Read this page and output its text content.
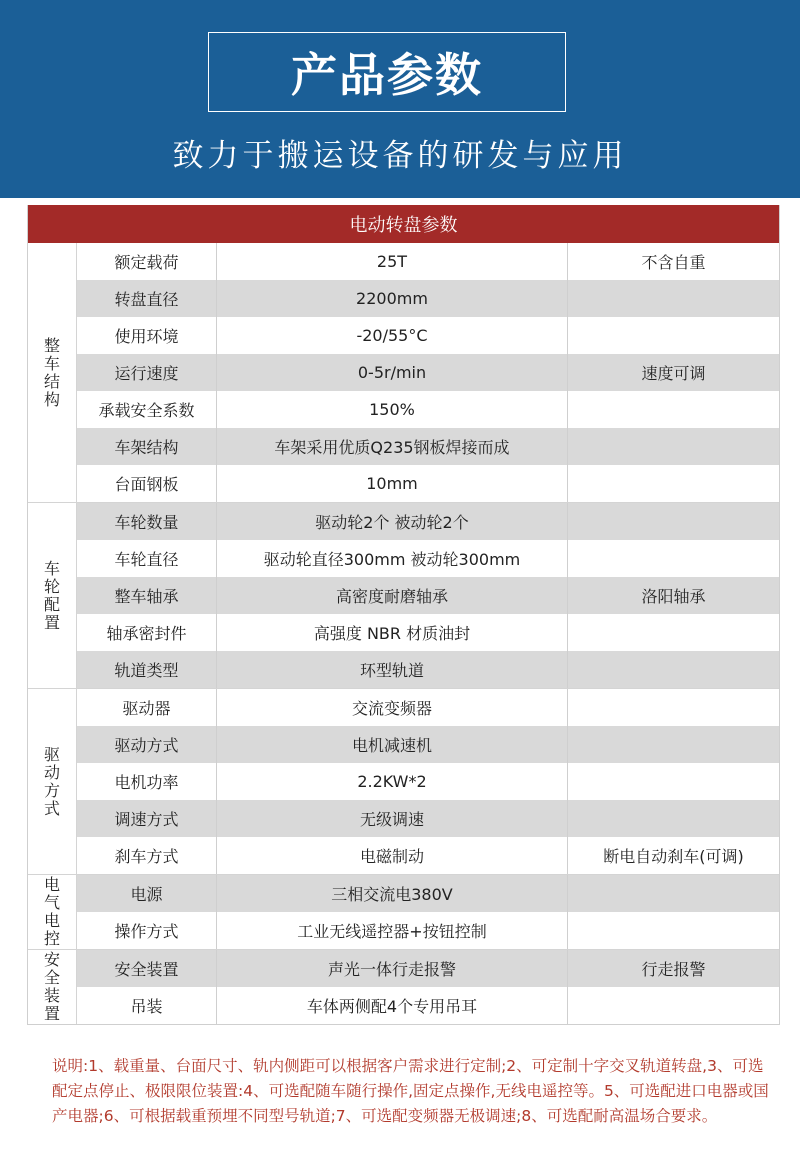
产品参数
致力于搬运设备的研发与应用
电动转盘参数
整车结构
额定载荷	25T	不含自重
转盘直径	2200mm
使用环境	-20/55°C
运行速度	0-5r/min	速度可调
承载安全系数	150%
车架结构	车架采用优质Q235钢板焊接而成
台面钢板	10mm
车轮配置
车轮数量	驱动轮2个 被动轮2个
车轮直径	驱动轮直径300mm 被动轮300mm
整车轴承	高密度耐磨轴承	洛阳轴承
轴承密封件	高强度 NBR 材质油封
轨道类型	环型轨道
驱动方式
驱动器	交流变频器
驱动方式	电机减速机
电机功率	2.2KW*2
调速方式	无级调速
刹车方式	电磁制动	断电自动刹车(可调)
电气电控
电源	三相交流电380V
操作方式	工业无线遥控器+按钮控制
安全装置
安全装置	声光一体行走报警	行走报警
吊装	车体两侧配4个专用吊耳
说明:1、载重量、台面尺寸、轨内侧距可以根据客户需求进行定制;2、可定制十字交叉轨道转盘,3、可选配定点停止、极限限位装置:4、可选配随车随行操作,固定点操作,无线电遥控等。5、可选配进口电器或国产电器;6、可根据载重预埋不同型号轨道;7、可选配变频器无极调速;8、可选配耐高温场合要求。
